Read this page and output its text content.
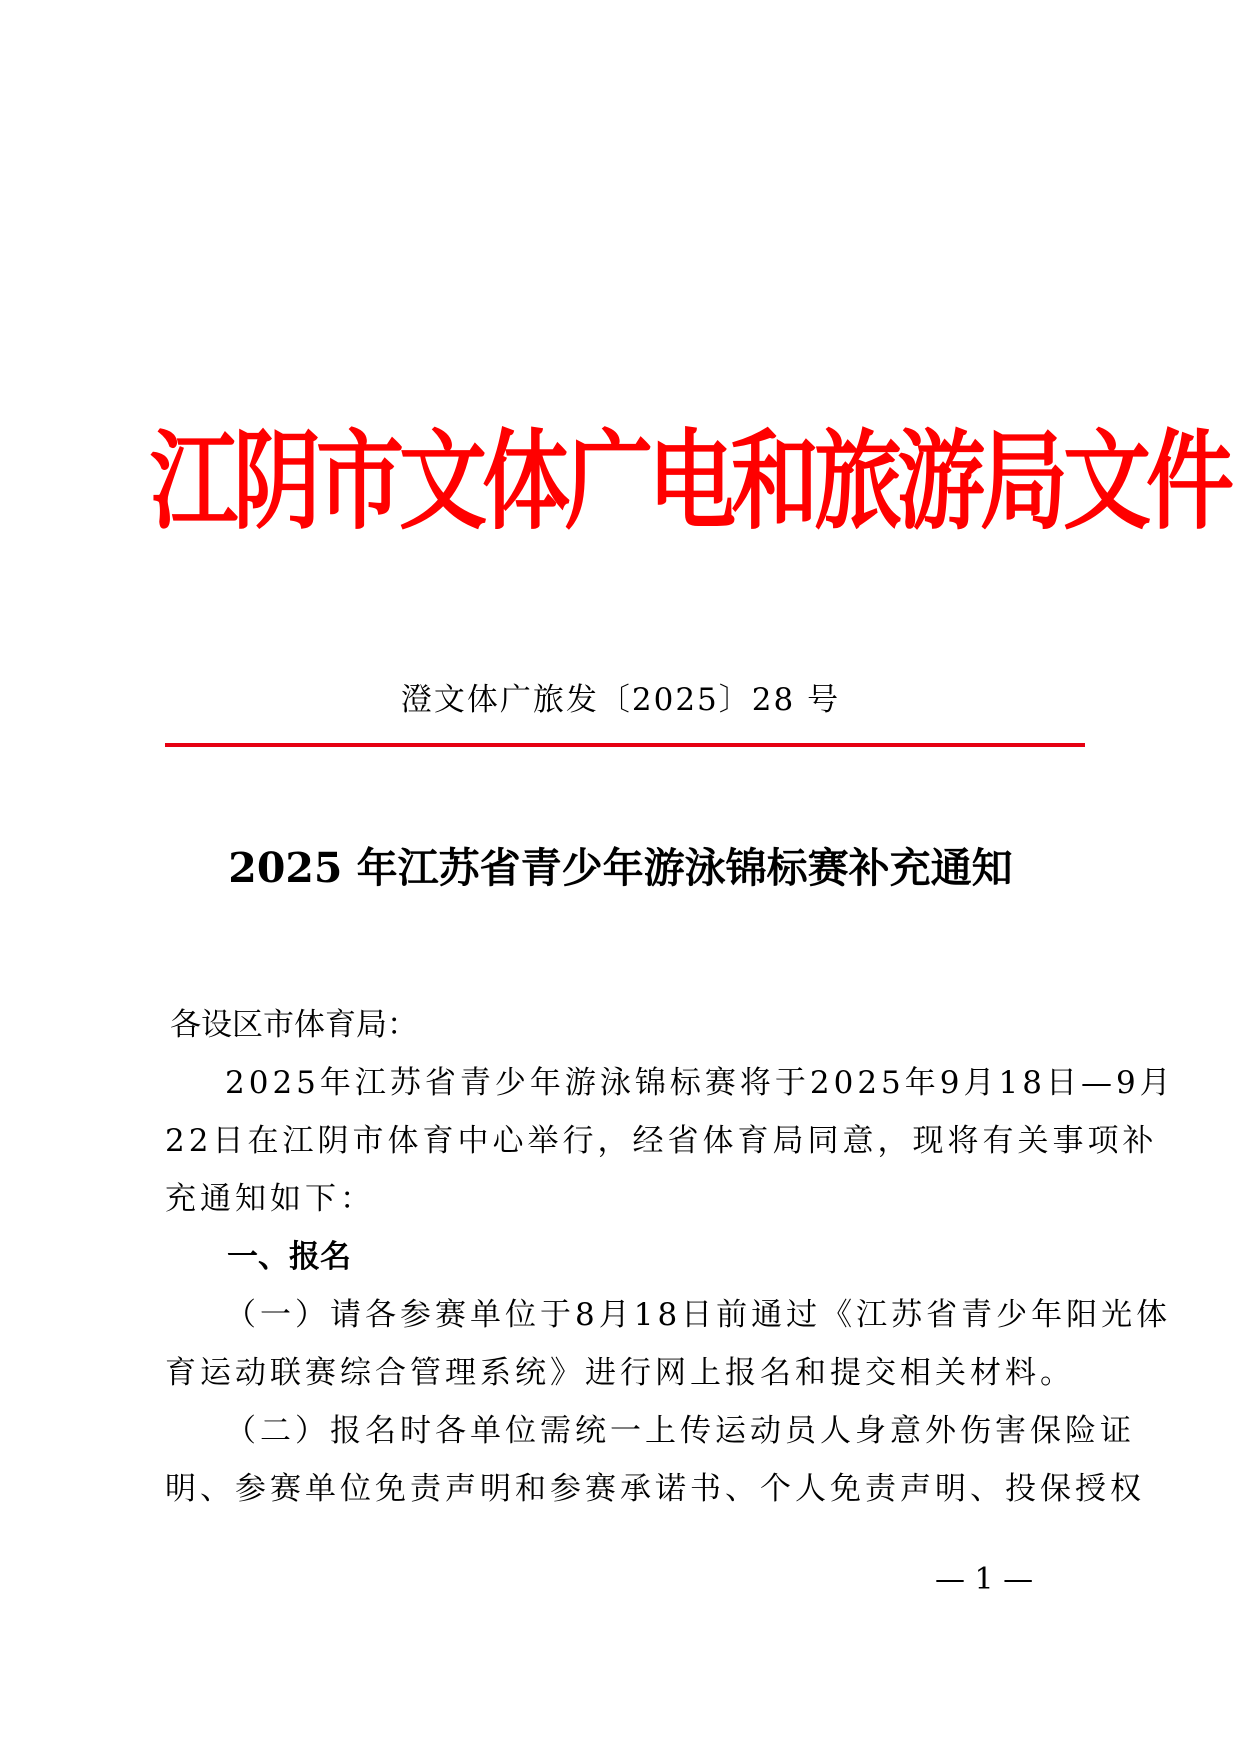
江阴市文体广电和旅游局文件
澄文体广旅发〔2025〕28 号
2025 年江苏省青少年游泳锦标赛补充通知
各设区市体育局：
2025年江苏省青少年游泳锦标赛将于2025年9月18日—9月
22日在江阴市体育中心举行，经省体育局同意，现将有关事项补
充通知如下：
一、报名
（一）请各参赛单位于8月18日前通过《江苏省青少年阳光体
育运动联赛综合管理系统》进行网上报名和提交相关材料。
（二）报名时各单位需统一上传运动员人身意外伤害保险证
明、参赛单位免责声明和参赛承诺书、个人免责声明、投保授权
— 1 —
